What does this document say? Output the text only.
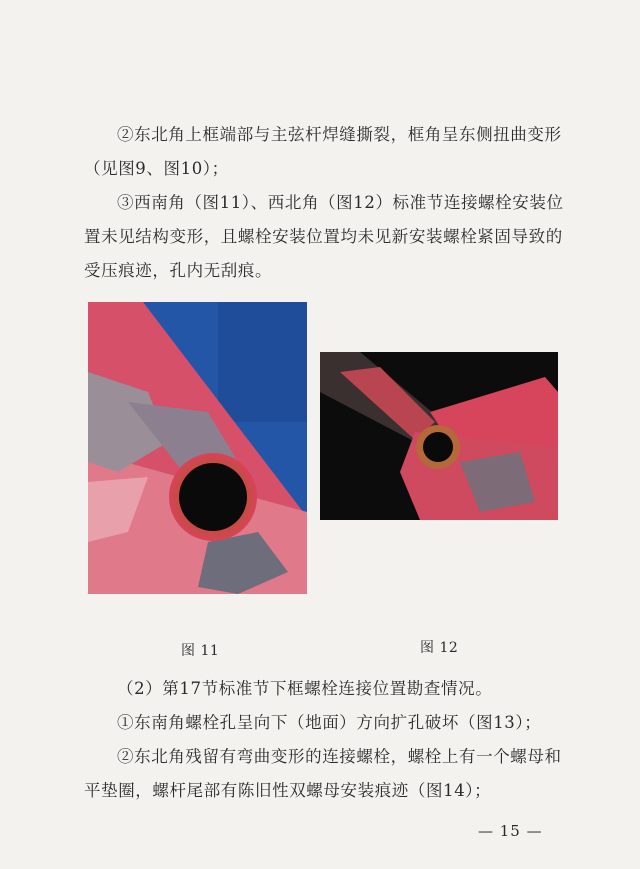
②东北角上框端部与主弦杆焊缝撕裂，框角呈东侧扭曲变形（见图9、图10）；

③西南角（图11）、西北角（图12）标准节连接螺栓安装位置未见结构变形，且螺栓安装位置均未见新安装螺栓紧固导致的受压痕迹，孔内无刮痕。

图 11	图 12

（2）第17节标准节下框螺栓连接位置勘查情况。

①东南角螺栓孔呈向下（地面）方向扩孔破坏（图13）；

②东北角残留有弯曲变形的连接螺栓，螺栓上有一个螺母和平垫圈，螺杆尾部有陈旧性双螺母安装痕迹（图14）；

— 15 —
